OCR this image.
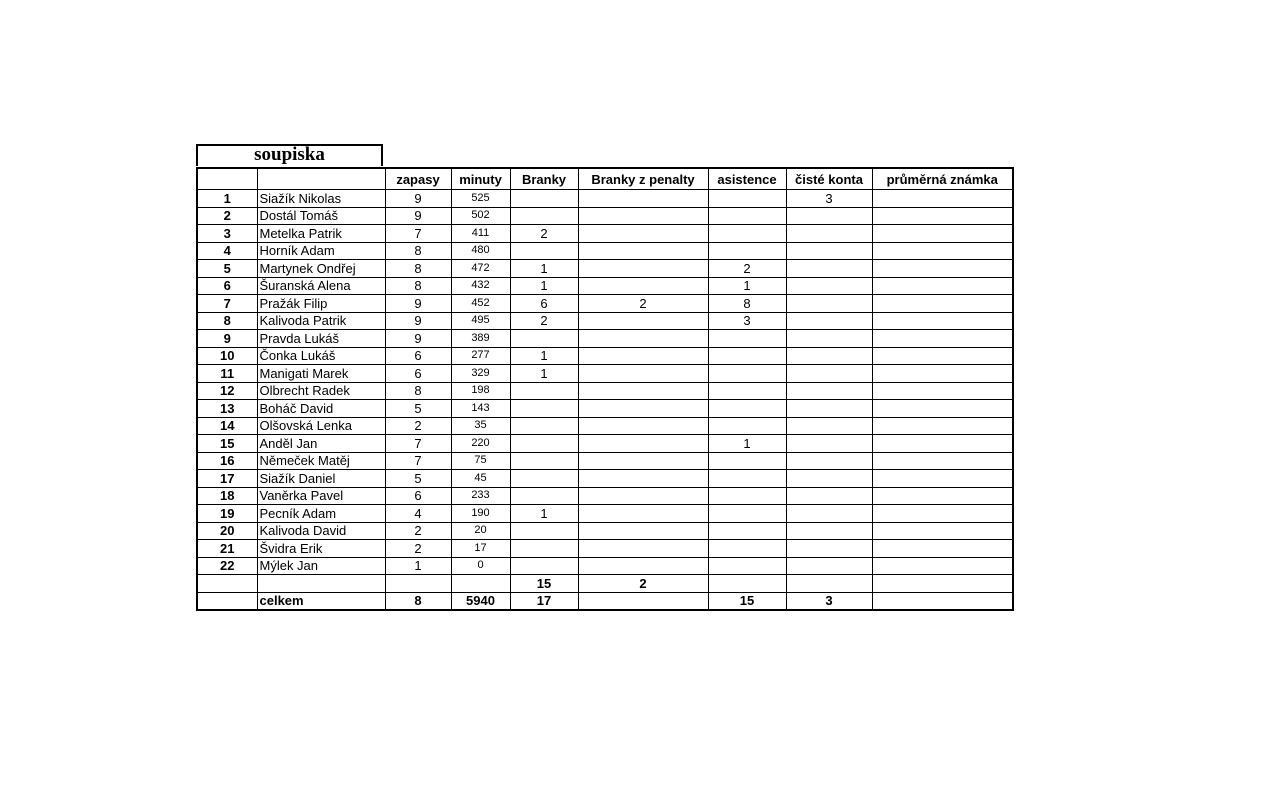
soupiska
		zapasy	minuty	Branky	Branky z penalty	asistence	čisté konta	průměrná známka
1	Siažík Nikolas	9	525				3	
2	Dostál Tomáš	9	502					
3	Metelka Patrik	7	411	2				
4	Horník Adam	8	480					
5	Martynek Ondřej	8	472	1		2		
6	Šuranská Alena	8	432	1		1		
7	Pražák Filip	9	452	6	2	8		
8	Kalivoda Patrik	9	495	2		3		
9	Pravda Lukáš	9	389					
10	Čonka Lukáš	6	277	1				
11	Manigati Marek	6	329	1				
12	Olbrecht Radek	8	198					
13	Boháč David	5	143					
14	Olšovská Lenka	2	35					
15	Anděl Jan	7	220			1		
16	Němeček Matěj	7	75					
17	Siažík Daniel	5	45					
18	Vaněrka Pavel	6	233					
19	Pecník Adam	4	190	1				
20	Kalivoda David	2	20					
21	Švidra Erik	2	17					
22	Mýlek Jan	1	0					
				15	2			
	celkem	8	5940	17		15	3	
